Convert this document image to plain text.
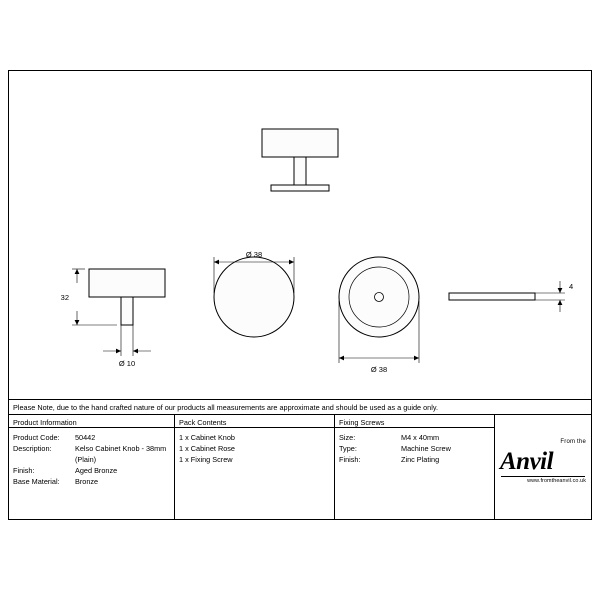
32
Ø 10
Ø 38
Ø 38
4
Please Note, due to the hand crafted nature of our products all measurements are approximate and should be used as a guide only.
Product Information
Product Code:	50442
Description:	Kelso Cabinet Knob - 38mm
(Plain)
Finish:	Aged Bronze
Base Material:	Bronze
Pack Contents
1 x Cabinet Knob
1 x Cabinet Rose
1 x Fixing Screw
Fixing Screws
Size:	M4 x 40mm
Type:	Machine Screw
Finish:	Zinc Plating
From the
Anvil
www.fromtheanvil.co.uk
